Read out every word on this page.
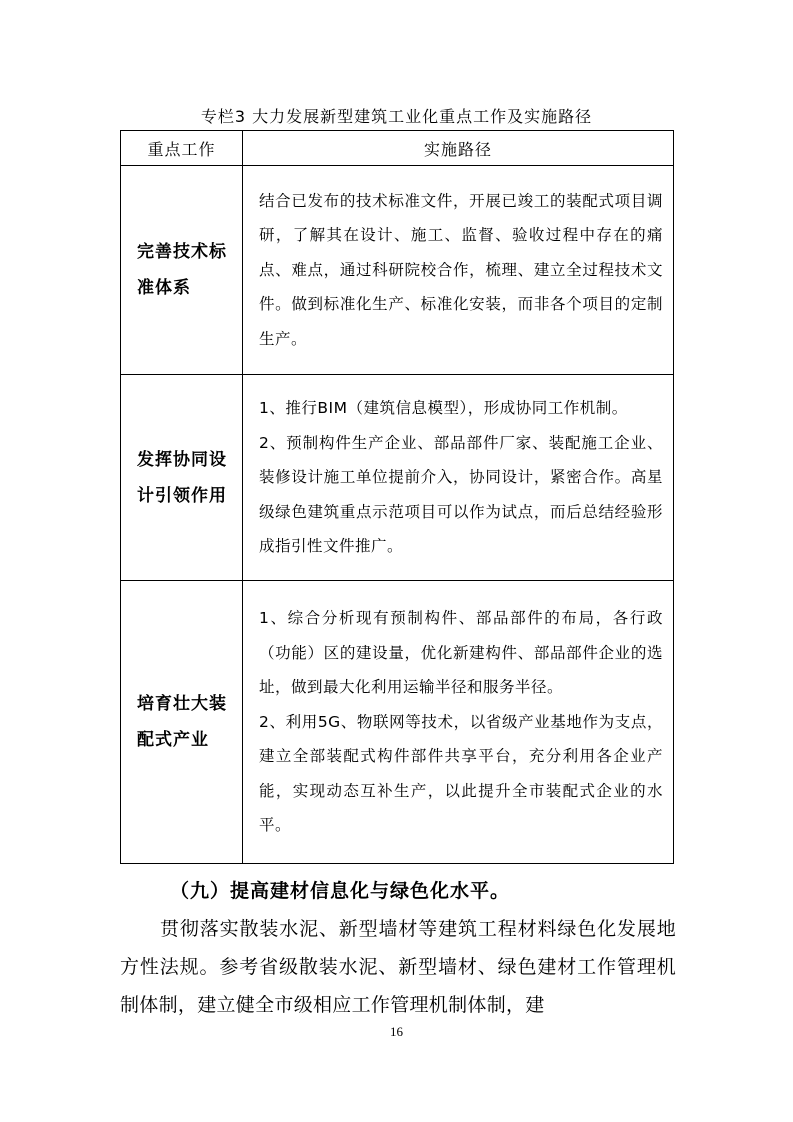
专栏3 大力发展新型建筑工业化重点工作及实施路径
重点工作	实施路径
完善技术标准体系	结合已发布的技术标准文件，开展已竣工的装配式项目调研，了解其在设计、施工、监督、验收过程中存在的痛点、难点，通过科研院校合作，梳理、建立全过程技术文件。做到标准化生产、标准化安装，而非各个项目的定制生产。

发挥协同设计引领作用	1、推行BIM（建筑信息模型），形成协同工作机制。

2、预制构件生产企业、部品部件厂家、装配施工企业、装修设计施工单位提前介入，协同设计，紧密合作。高星级绿色建筑重点示范项目可以作为试点，而后总结经验形成指引性文件推广。

培育壮大装配式产业	1、综合分析现有预制构件、部品部件的布局，各行政（功能）区的建设量，优化新建构件、部品部件企业的选址，做到最大化利用运输半径和服务半径。

2、利用5G、物联网等技术，以省级产业基地作为支点，建立全部装配式构件部件共享平台，充分利用各企业产能，实现动态互补生产，以此提升全市装配式企业的水平。

（九）提高建材信息化与绿色化水平。

贯彻落实散装水泥、新型墙材等建筑工程材料绿色化发展地方性法规。参考省级散装水泥、新型墙材、绿色建材工作管理机制体制，建立健全市级相应工作管理机制体制，建

16
